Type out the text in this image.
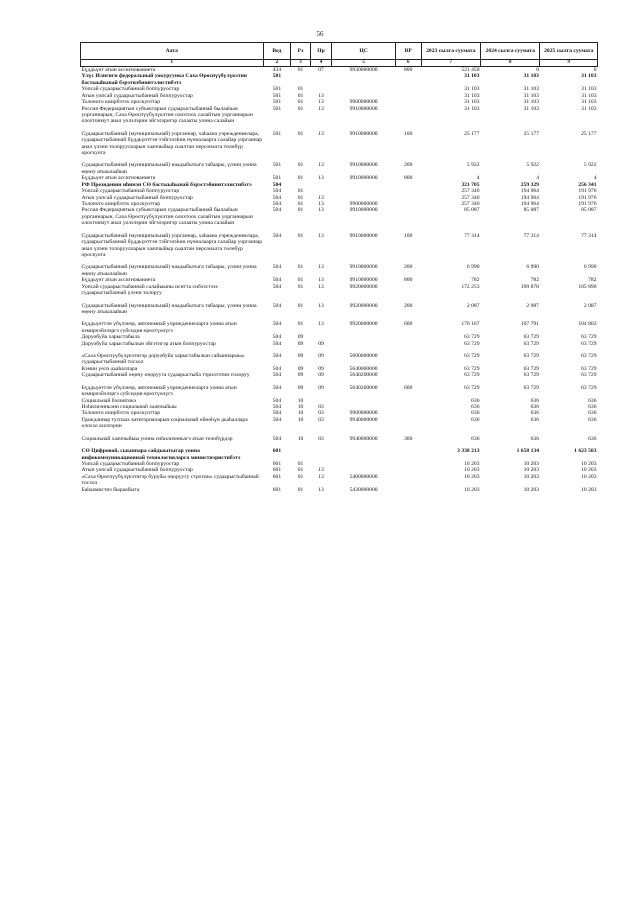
56
Аата	Вед	Рз	Пр	ЦС	ВР	2023 сылга суумата	2024 сылга суумата	2025 сылга суумата
1	2	3	4	5	6	7	8	9
Бүддьүөт атын ассигнованиета	434	01	07	9930000000	800	521 450	0	0
Үлүс Илигиги федеральный уокуруунка Саха Өрөспүүбүлүкэтин бастыыһынай бэрэтиэбинитэлистибэтэ	501					31 103	31 103	31 103
Уопсай судаарыстыбаннай боппуруостар	501	01				31 103	31 103	31 103
Атын уопсай судаарыстыбаннай боппуруостар	501	01	13			31 103	31 103	31 103
Толоното киирбэтэх ороскуоттар	501	01	13	9900000000		31 103	31 103	31 103
Россия Федерациятын субъектарын судаарыстыбаннай былааһын уорганнарын, Саха Өрөспүүбүлүкэтин олохтоох салайтын уорганнарын олохтонмут анал уолэлэрин эйгэлэригэр салааты уонна салайын	501	01	13	9910000000		31 103	31 103	31 103
Судаарыстыбаннай (муниципальнай) уорганнар, хаһаана учреждениелара, судаарыстыбаннай бүддьүөттэн тэйгэлэһин нүөналаарга салайар уорганнар анал үлэни толоруулларын хааччыйыр сыалтан персоналга төлөбүр ороскуота	501	01	13	9910000000	100	25 177	25 177	25 177
Судаарыстыбаннай (муниципальнай) наадыбытыга табаары, үлэни уонна өңөну атыылааһын	501	01	13	9910000000	200	5 922	5 922	5 922
Бүддьүөт атын ассигнованиета	501	01	13	9910000000	800	4	4	4
РФ Президенин иһинэн СӨ бастыыһынай бэрэстэбинитэлистибэтэ	504					321 705	259 329	256 341
Уопсай судаарыстыбаннай боппуруостар	504	01				257 340	194 964	191 976
Атын уопсай судаарыстыбаннай боппуруостар	504	01	13			257 340	194 964	191 976
Толоното киирбэтэх ороскуоттар	504	01	13	9900000000		257 340	194 964	191 976
Россия Федерациятын субъектарын судаарыстыбаннай былааһын уорганнарын, Саха Өрөспүүбүлүкэтин олохтоох салайтын уорганнарын олохтонмут анал уолэлэрин эйгэлэригэр салааты уонна салайын	504	01	13	9910000000		85 087	85 087	85 087
Судаарыстыбаннай (муниципальнай) уорганнар, хаһаана учреждениелара, судаарыстыбаннай бүддьүөттэн тэйгэлэһин нүөналаарга салайар уорганнар анал үлэни толоруулларын хааччыйыр сыалтан персоналга төлөбүр ороскуота	504	01	13	9910000000	100	77 314	77 314	77 314
Судаарыстыбаннай (муниципальнай) наадыбытыга табаары, үлэни уонна өңөну атыылааһын	504	01	13	9910000000	200	6 990	6 990	6 990
Бүддьүөт атын ассигнованиета	504	01	13	9910000000	800	782	782	782
Уопсай судаарыстыбаннай салайыыны иситта сибээстээх судаарыстыбаннай үлэни толоруу	504	01	13	9920000000		172 253	109 878	105 890
Судаарыстыбаннай (муниципальнай) наадыбытыга табаары, үлэни уонна өңөну атыылааһын	504	01	13	9920000000	200	2 087	2 087	2 087
Бүддьүөттэн үбүлэнэр, автономнай учреждениеларга уонна атын кэмирчэйэлэргэ субсидия өрөхтүөлүгэ	504	01	13	9920000000	600	170 167	107 791	104 803
Доруобуйа харыстабыла	504	09				63 729	63 729	63 729
Доруобуйа харыстабылын эйгэтигэр атын боппуруостар	504	09	09			63 729	63 729	63 729
«Саха Өрөспүүбүлүкэтигэр доруобуйа харыстабылын сайыннарыы» судаарыстыбаннай тосхол	504	09	09	5600000000		63 729	63 729	63 729
Кэмин үөлэ дьаһаллара	504	09	09	5640000000		63 729	63 729	63 729
Судаарыстыбаннай өңөну оңорууга судаарыстыба тэрилтэтин толоруу	504	09	09	5640200000		63 729	63 729	63 729
Бүддьүөттэн үбүлэнэр, автономнай учреждениеларга уонна атын кэмирчэйэлэргэ субсидия өрөхтүөлүгэ	504	09	09	5640200000	600	63 729	63 729	63 729
Социальнай бэлиитикэ	504	10				636	636	636
Нэһилиэнньэни социальнай хааччыйыы	504	10	03			636	636	636
Толоното киирбэтэх ороскуоттар	504	10	03	9900000000		636	636	636
Гражданнар туспаах категорияларын социальнай өйөөһүн дьаһаллара олоххо киллэрии	504	10	03	9940000000		636	636	636
Социальнай хааччыйыы уонна нэһилиэнньэгэ атын төлөбүрдэр	504	10	03	9940000000	300	636	636	636
СӨ Цифровой, сыыппара сайдыытыгар уонна инфокоммуникационнай технологияларга министиэристибэтэ	601					3 338 213	1 658 134	1 623 503
Уопсай судаарыстыбаннай боппуруостар	601	01				10 203	10 203	10 203
Атын уопсай судаарыстыбаннай боппуруостар	601	01	13			10 203	10 203	10 203
«Саха Өрөспүүбүлүкэтигэр бурүбы оңоруугу стротин» судаарыстыбаннай тосхол	601	01	13	5400000000		10 203	10 203	10 203
Баһаамистиэ быраабыта	601	01	13	5430000000		10 203	10 203	10 203
